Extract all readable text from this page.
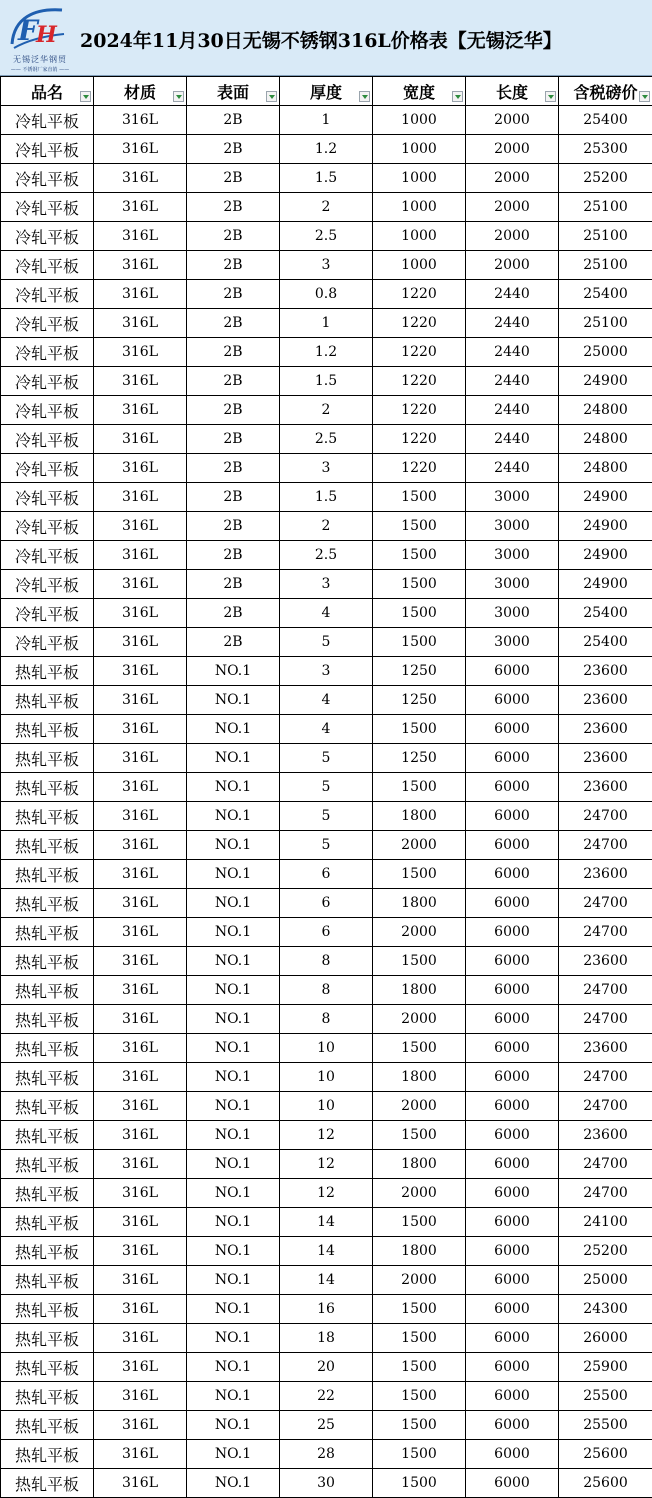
F
H
无锡泛华钢贸
—— 不锈钢厂家直销 ——
2024年11月30日无锡不锈钢316L价格表【无锡泛华】
品名	材质	表面	厚度	宽度	长度	含税磅价

冷轧平板	316L	2B	1	1000	2000	25400
冷轧平板	316L	2B	1.2	1000	2000	25300
冷轧平板	316L	2B	1.5	1000	2000	25200
冷轧平板	316L	2B	2	1000	2000	25100
冷轧平板	316L	2B	2.5	1000	2000	25100
冷轧平板	316L	2B	3	1000	2000	25100
冷轧平板	316L	2B	0.8	1220	2440	25400
冷轧平板	316L	2B	1	1220	2440	25100
冷轧平板	316L	2B	1.2	1220	2440	25000
冷轧平板	316L	2B	1.5	1220	2440	24900
冷轧平板	316L	2B	2	1220	2440	24800
冷轧平板	316L	2B	2.5	1220	2440	24800
冷轧平板	316L	2B	3	1220	2440	24800
冷轧平板	316L	2B	1.5	1500	3000	24900
冷轧平板	316L	2B	2	1500	3000	24900
冷轧平板	316L	2B	2.5	1500	3000	24900
冷轧平板	316L	2B	3	1500	3000	24900
冷轧平板	316L	2B	4	1500	3000	25400
冷轧平板	316L	2B	5	1500	3000	25400
热轧平板	316L	NO.1	3	1250	6000	23600
热轧平板	316L	NO.1	4	1250	6000	23600
热轧平板	316L	NO.1	4	1500	6000	23600
热轧平板	316L	NO.1	5	1250	6000	23600
热轧平板	316L	NO.1	5	1500	6000	23600
热轧平板	316L	NO.1	5	1800	6000	24700
热轧平板	316L	NO.1	5	2000	6000	24700
热轧平板	316L	NO.1	6	1500	6000	23600
热轧平板	316L	NO.1	6	1800	6000	24700
热轧平板	316L	NO.1	6	2000	6000	24700
热轧平板	316L	NO.1	8	1500	6000	23600
热轧平板	316L	NO.1	8	1800	6000	24700
热轧平板	316L	NO.1	8	2000	6000	24700
热轧平板	316L	NO.1	10	1500	6000	23600
热轧平板	316L	NO.1	10	1800	6000	24700
热轧平板	316L	NO.1	10	2000	6000	24700
热轧平板	316L	NO.1	12	1500	6000	23600
热轧平板	316L	NO.1	12	1800	6000	24700
热轧平板	316L	NO.1	12	2000	6000	24700
热轧平板	316L	NO.1	14	1500	6000	24100
热轧平板	316L	NO.1	14	1800	6000	25200
热轧平板	316L	NO.1	14	2000	6000	25000
热轧平板	316L	NO.1	16	1500	6000	24300
热轧平板	316L	NO.1	18	1500	6000	26000
热轧平板	316L	NO.1	20	1500	6000	25900
热轧平板	316L	NO.1	22	1500	6000	25500
热轧平板	316L	NO.1	25	1500	6000	25500
热轧平板	316L	NO.1	28	1500	6000	25600
热轧平板	316L	NO.1	30	1500	6000	25600
